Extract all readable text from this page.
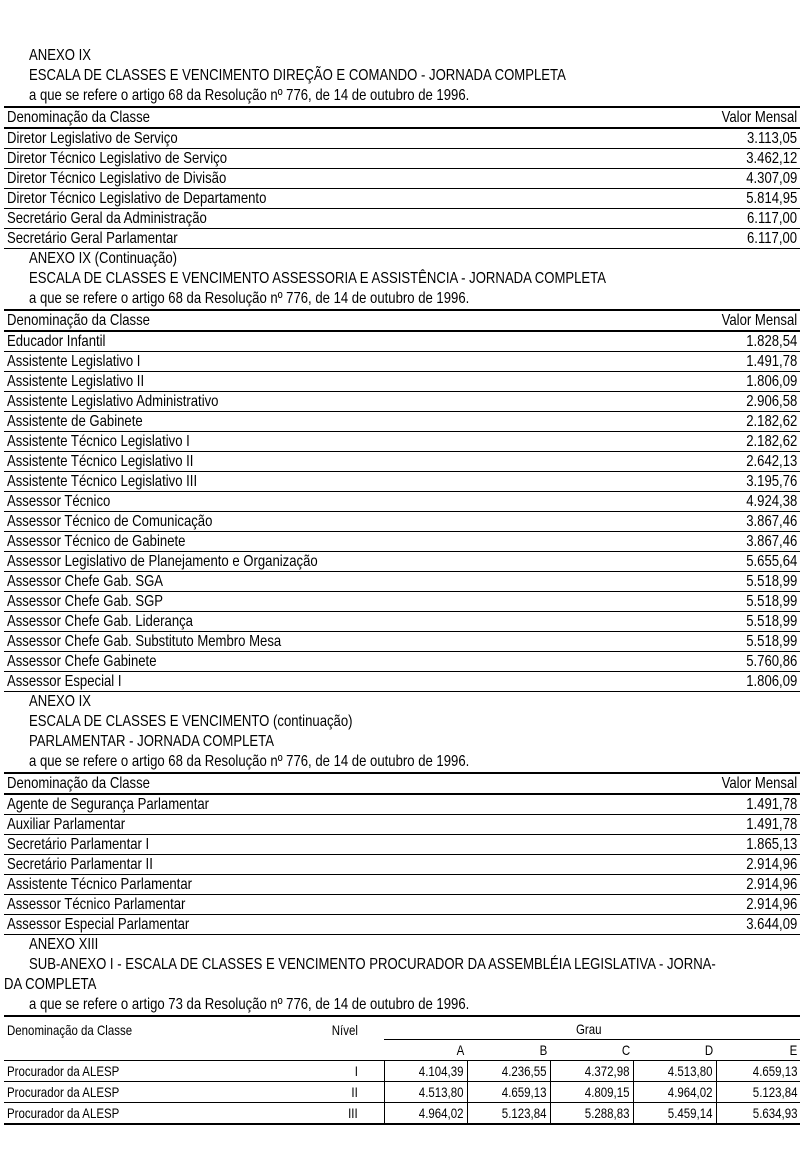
ANEXO IX
ESCALA DE CLASSES E VENCIMENTO DIREÇÃO E COMANDO - JORNADA COMPLETA
a que se refere o artigo 68 da Resolução nº 776, de 14 de outubro de 1996.
Denominação da Classe	Valor Mensal
Diretor Legislativo de Serviço	3.113,05
Diretor Técnico Legislativo de Serviço	3.462,12
Diretor Técnico Legislativo de Divisão	4.307,09
Diretor Técnico Legislativo de Departamento	5.814,95
Secretário Geral da Administração	6.117,00
Secretário Geral Parlamentar	6.117,00
ANEXO IX (Continuação)
ESCALA DE CLASSES E VENCIMENTO ASSESSORIA E ASSISTÊNCIA - JORNADA COMPLETA
a que se refere o artigo 68 da Resolução nº 776, de 14 de outubro de 1996.
Denominação da Classe	Valor Mensal
Educador Infantil	1.828,54
Assistente Legislativo I	1.491,78
Assistente Legislativo II	1.806,09
Assistente Legislativo Administrativo	2.906,58
Assistente de Gabinete	2.182,62
Assistente Técnico Legislativo I	2.182,62
Assistente Técnico Legislativo II	2.642,13
Assistente Técnico Legislativo III	3.195,76
Assessor Técnico	4.924,38
Assessor Técnico de Comunicação	3.867,46
Assessor Técnico de Gabinete	3.867,46
Assessor Legislativo de Planejamento e Organização	5.655,64
Assessor Chefe Gab. SGA	5.518,99
Assessor Chefe Gab. SGP	5.518,99
Assessor Chefe Gab. Liderança	5.518,99
Assessor Chefe Gab. Substituto Membro Mesa	5.518,99
Assessor Chefe Gabinete	5.760,86
Assessor Especial I	1.806,09
ANEXO IX
ESCALA DE CLASSES E VENCIMENTO (continuação)
PARLAMENTAR - JORNADA COMPLETA
a que se refere o artigo 68 da Resolução nº 776, de 14 de outubro de 1996.
Denominação da Classe	Valor Mensal
Agente de Segurança Parlamentar	1.491,78
Auxiliar Parlamentar	1.491,78
Secretário Parlamentar I	1.865,13
Secretário Parlamentar II	2.914,96
Assistente Técnico Parlamentar	2.914,96
Assessor Técnico Parlamentar	2.914,96
Assessor Especial Parlamentar	3.644,09
ANEXO XIII
SUB-ANEXO I - ESCALA DE CLASSES E VENCIMENTO PROCURADOR DA ASSEMBLÉIA LEGISLATIVA - JORNA-
DA COMPLETA
a que se refere o artigo 73 da Resolução nº 776, de 14 de outubro de 1996.
Denominação da Classe	Nível	Grau				
		A	B	C	D	E
Procurador da ALESP	I	4.104,39	4.236,55	4.372,98	4.513,80	4.659,13
Procurador da ALESP	II	4.513,80	4.659,13	4.809,15	4.964,02	5.123,84
Procurador da ALESP	III	4.964,02	5.123,84	5.288,83	5.459,14	5.634,93
